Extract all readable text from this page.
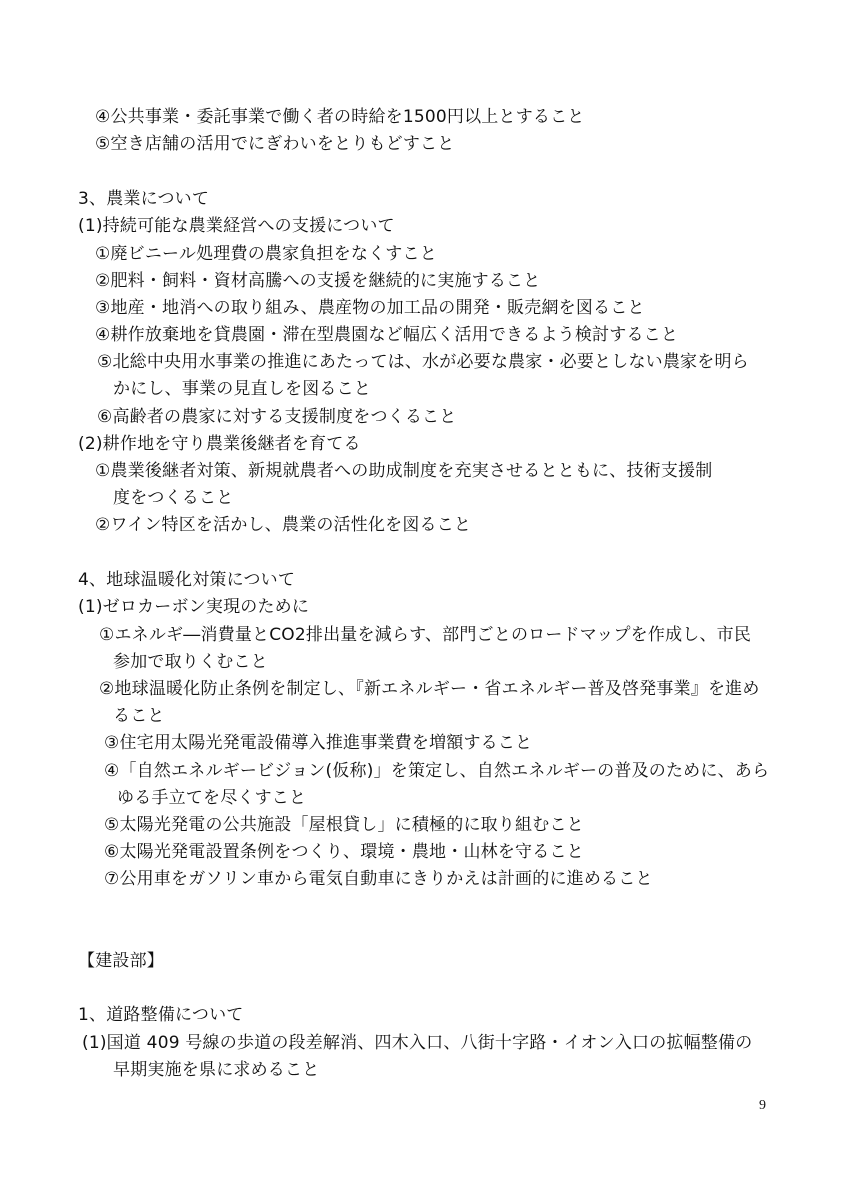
④公共事業・委託事業で働く者の時給を1500円以上とすること
⑤空き店舗の活用でにぎわいをとりもどすこと
3、農業について
(1)持続可能な農業経営への支援について
①廃ビニール処理費の農家負担をなくすこと
②肥料・飼料・資材高騰への支援を継続的に実施すること
③地産・地消への取り組み、農産物の加工品の開発・販売網を図ること
④耕作放棄地を貸農園・滞在型農園など幅広く活用できるよう検討すること
⑤北総中央用水事業の推進にあたっては、水が必要な農家・必要としない農家を明ら
かにし、事業の見直しを図ること
⑥高齢者の農家に対する支援制度をつくること
(2)耕作地を守り農業後継者を育てる
①農業後継者対策、新規就農者への助成制度を充実させるとともに、技術支援制
度をつくること
②ワイン特区を活かし、農業の活性化を図ること
4、地球温暖化対策について
(1)ゼロカーボン実現のために
①エネルギ―消費量とCO2排出量を減らす、部門ごとのロードマップを作成し、市民
参加で取りくむこと
②地球温暖化防止条例を制定し、『新エネルギー・省エネルギー普及啓発事業』を進め
ること
③住宅用太陽光発電設備導入推進事業費を増額すること
④「自然エネルギービジョン(仮称)」を策定し、自然エネルギーの普及のために、あら
ゆる手立てを尽くすこと
⑤太陽光発電の公共施設「屋根貸し」に積極的に取り組むこと
⑥太陽光発電設置条例をつくり、環境・農地・山林を守ること
⑦公用車をガソリン車から電気自動車にきりかえは計画的に進めること
【建設部】
1、道路整備について
(1)国道 409 号線の歩道の段差解消、四木入口、八街十字路・イオン入口の拡幅整備の
早期実施を県に求めること
9
